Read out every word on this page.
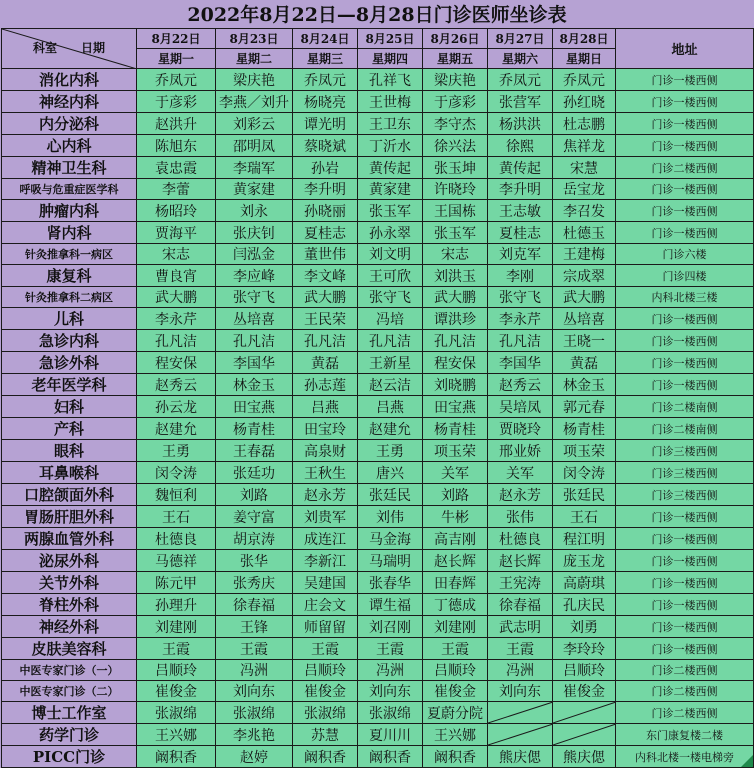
2022年8月22日—8月28日门诊医师坐诊表
科室　　日期	8月22日	8月23日	8月24日	8月25日	8月26日	8月27日	8月28日	地址
	星期一	星期二	星期三	星期四	星期五	星期六	星期日	
消化内科	乔凤元	梁庆艳	乔凤元	孔祥飞	梁庆艳	乔凤元	乔凤元	门诊一楼西侧
神经内科	于彦彩	李燕／刘升	杨晓亮	王世梅	于彦彩	张营军	孙红晓	门诊一楼西侧
内分泌科	赵洪升	刘彩云	谭光明	王卫东	李守杰	杨洪洪	杜志鹏	门诊一楼西侧
心内科	陈旭东	邵明凤	蔡晓斌	丁沂水	徐兴法	徐熙	焦祥龙	门诊一楼西侧
精神卫生科	袁忠霞	李瑞军	孙岩	黄传起	张玉坤	黄传起	宋慧	门诊二楼西侧
呼吸与危重症医学科	李蕾	黄家建	李升明	黄家建	许晓玲	李升明	岳宝龙	门诊一楼西侧
肿瘤内科	杨昭玲	刘永	孙晓丽	张玉军	王国栋	王志敏	李召发	门诊一楼西侧
肾内科	贾海平	张庆钊	夏桂志	孙永翠	张玉军	夏桂志	杜德玉	门诊一楼西侧
针灸推拿科一病区	宋志	闫泓金	董世伟	刘文明	宋志	刘克军	王建梅	门诊六楼
康复科	曹良宵	李应峰	李文峰	王可欣	刘洪玉	李刚	宗成翠	门诊四楼
针灸推拿科二病区	武大鹏	张守飞	武大鹏	张守飞	武大鹏	张守飞	武大鹏	内科北楼三楼
儿科	李永芹	丛培喜	王民荣	冯培	谭洪珍	李永芹	丛培喜	门诊一楼西侧
急诊内科	孔凡洁	孔凡洁	孔凡洁	孔凡洁	孔凡洁	孔凡洁	王晓一	门诊一楼西侧
急诊外科	程安保	李国华	黄磊	王新星	程安保	李国华	黄磊	门诊一楼西侧
老年医学科	赵秀云	林金玉	孙志莲	赵云洁	刘晓鹏	赵秀云	林金玉	门诊一楼西侧
妇科	孙云龙	田宝燕	吕燕	吕燕	田宝燕	吴培凤	郭元春	门诊二楼南侧
产科	赵建允	杨青桂	田宝玲	赵建允	杨青桂	贾晓玲	杨青桂	门诊二楼南侧
眼科	王勇	王春磊	高泉财	王勇	项玉荣	邢业娇	项玉荣	门诊三楼西侧
耳鼻喉科	闵令涛	张廷功	王秋生	唐兴	关军	关军	闵令涛	门诊三楼西侧
口腔颌面外科	魏恒利	刘路	赵永芳	张廷民	刘路	赵永芳	张廷民	门诊三楼西侧
胃肠肝胆外科	王石	姜守富	刘贵军	刘伟	牛彬	张伟	王石	门诊一楼西侧
两腺血管外科	杜德良	胡京涛	成连江	马金海	高吉刚	杜德良	程江明	门诊一楼西侧
泌尿外科	马德祥	张华	李新江	马瑞明	赵长辉	赵长辉	庞玉龙	门诊一楼西侧
关节外科	陈元甲	张秀庆	吴建国	张春华	田春辉	王宪涛	高蔚琪	门诊一楼西侧
脊柱外科	孙理升	徐春福	庄会文	谭生福	丁德成	徐春福	孔庆民	门诊一楼西侧
神经外科	刘建刚	王锋	师留留	刘召刚	刘建刚	武志明	刘勇	门诊一楼西侧
皮肤美容科	王霞	王霞	王霞	王霞	王霞	王霞	李玲玲	门诊一楼西侧
中医专家门诊（一）	吕顺玲	冯洲	吕顺玲	冯洲	吕顺玲	冯洲	吕顺玲	门诊二楼西侧
中医专家门诊（二）	崔俊金	刘向东	崔俊金	刘向东	崔俊金	刘向东	崔俊金	门诊二楼西侧
博士工作室	张淑绵	张淑绵	张淑绵	张淑绵	夏蔚分院			门诊二楼西侧
药学门诊	王兴娜	李兆艳	苏慧	夏川川	王兴娜			东门康复楼二楼
PICC门诊	阚积香	赵婷	阚积香	阚积香	阚积香	熊庆偲	熊庆偲	内科北楼一楼电梯旁
